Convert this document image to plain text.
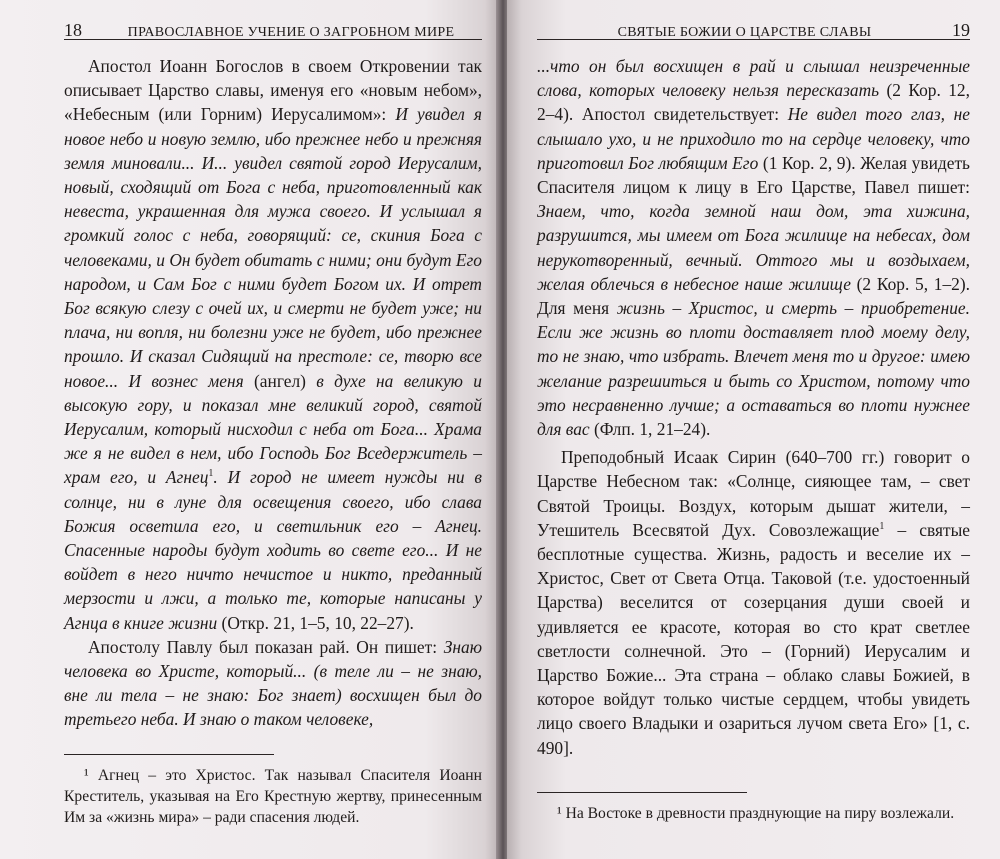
18	ПРАВОСЛАВНОЕ УЧЕНИЕ О ЗАГРОБНОМ МИРЕ

Апостол Иоанн Богослов в своем Откровении так описывает Царство славы, именуя его «новым небом», «Небесным (или Горним) Иерусалимом»: И увидел я новое небо и новую землю, ибо прежнее небо и прежняя земля миновали... И... увидел святой город Иерусалим, новый, сходящий от Бога с неба, приготовленный как невеста, украшенная для мужа своего. И услышал я громкий голос с неба, говорящий: се, скиния Бога с человеками, и Он будет обитать с ними; они будут Его народом, и Сам Бог с ними будет Богом их. И отрет Бог всякую слезу с очей их, и смерти не будет уже; ни плача, ни вопля, ни болезни уже не будет, ибо прежнее прошло. И сказал Сидящий на престоле: се, творю все новое... И вознес меня (ангел) в духе на великую и высокую гору, и показал мне великий город, святой Иерусалим, который нисходил с неба от Бога... Храма же я не видел в нем, ибо Господь Бог Вседержитель – храм его, и Агнец$^1$. И город не имеет нужды ни в солнце, ни в луне для освещения своего, ибо слава Божия осветила его, и светильник его – Агнец. Спасенные народы будут ходить во свете его... И не войдет в него ничто нечистое и никто, преданный мерзости и лжи, а только те, которые написаны у Агнца в книге жизни (Откр. 21, 1–5, 10, 22–27).

Апостолу Павлу был показан рай. Он пишет: Знаю человека во Христе, который... (в теле ли – не знаю, вне ли тела – не знаю: Бог знает) восхищен был до третьего неба. И знаю о таком человеке,

¹ Агнец – это Христос. Так называл Спасителя Иоанн Креститель, указывая на Его Крестную жертву, принесенным Им за «жизнь мира» – ради спасения людей.

СВЯТЫЕ БОЖИИ О ЦАРСТВЕ СЛАВЫ	19

...что он был восхищен в рай и слышал неизреченные слова, которых человеку нельзя пересказать (2 Кор. 12, 2–4). Апостол свидетельствует: Не видел того глаз, не слышало ухо, и не приходило то на сердце человеку, что приготовил Бог любящим Его (1 Кор. 2, 9). Желая увидеть Спасителя лицом к лицу в Его Царстве, Павел пишет: Знаем, что, когда земной наш дом, эта хижина, разрушится, мы имеем от Бога жилище на небесах, дом нерукотворенный, вечный. Оттого мы и воздыхаем, желая облечься в небесное наше жилище (2 Кор. 5, 1–2). Для меня жизнь – Христос, и смерть – приобретение. Если же жизнь во плоти доставляет плод моему делу, то не знаю, что избрать. Влечет меня то и другое: имею желание разрешиться и быть со Христом, потому что это несравненно лучше; а оставаться во плоти нужнее для вас (Флп. 1, 21–24).

Преподобный Исаак Сирин (640–700 гг.) говорит о Царстве Небесном так: «Солнце, сияющее там, – свет Святой Троицы. Воздух, которым дышат жители, – Утешитель Всесвятой Дух. Совозлежащие$^1$ – святые бесплотные существа. Жизнь, радость и веселие их – Христос, Свет от Света Отца. Таковой (т.е. удостоенный Царства) веселится от созерцания души своей и удивляется ее красоте, которая во сто крат светлее светлости солнечной. Это – (Горний) Иерусалим и Царство Божие... Эта страна – облако славы Божией, в которое войдут только чистые сердцем, чтобы увидеть лицо своего Владыки и озариться лучом света Его» [1, с. 490].

¹ На Востоке в древности празднующие на пиру возлежали.
